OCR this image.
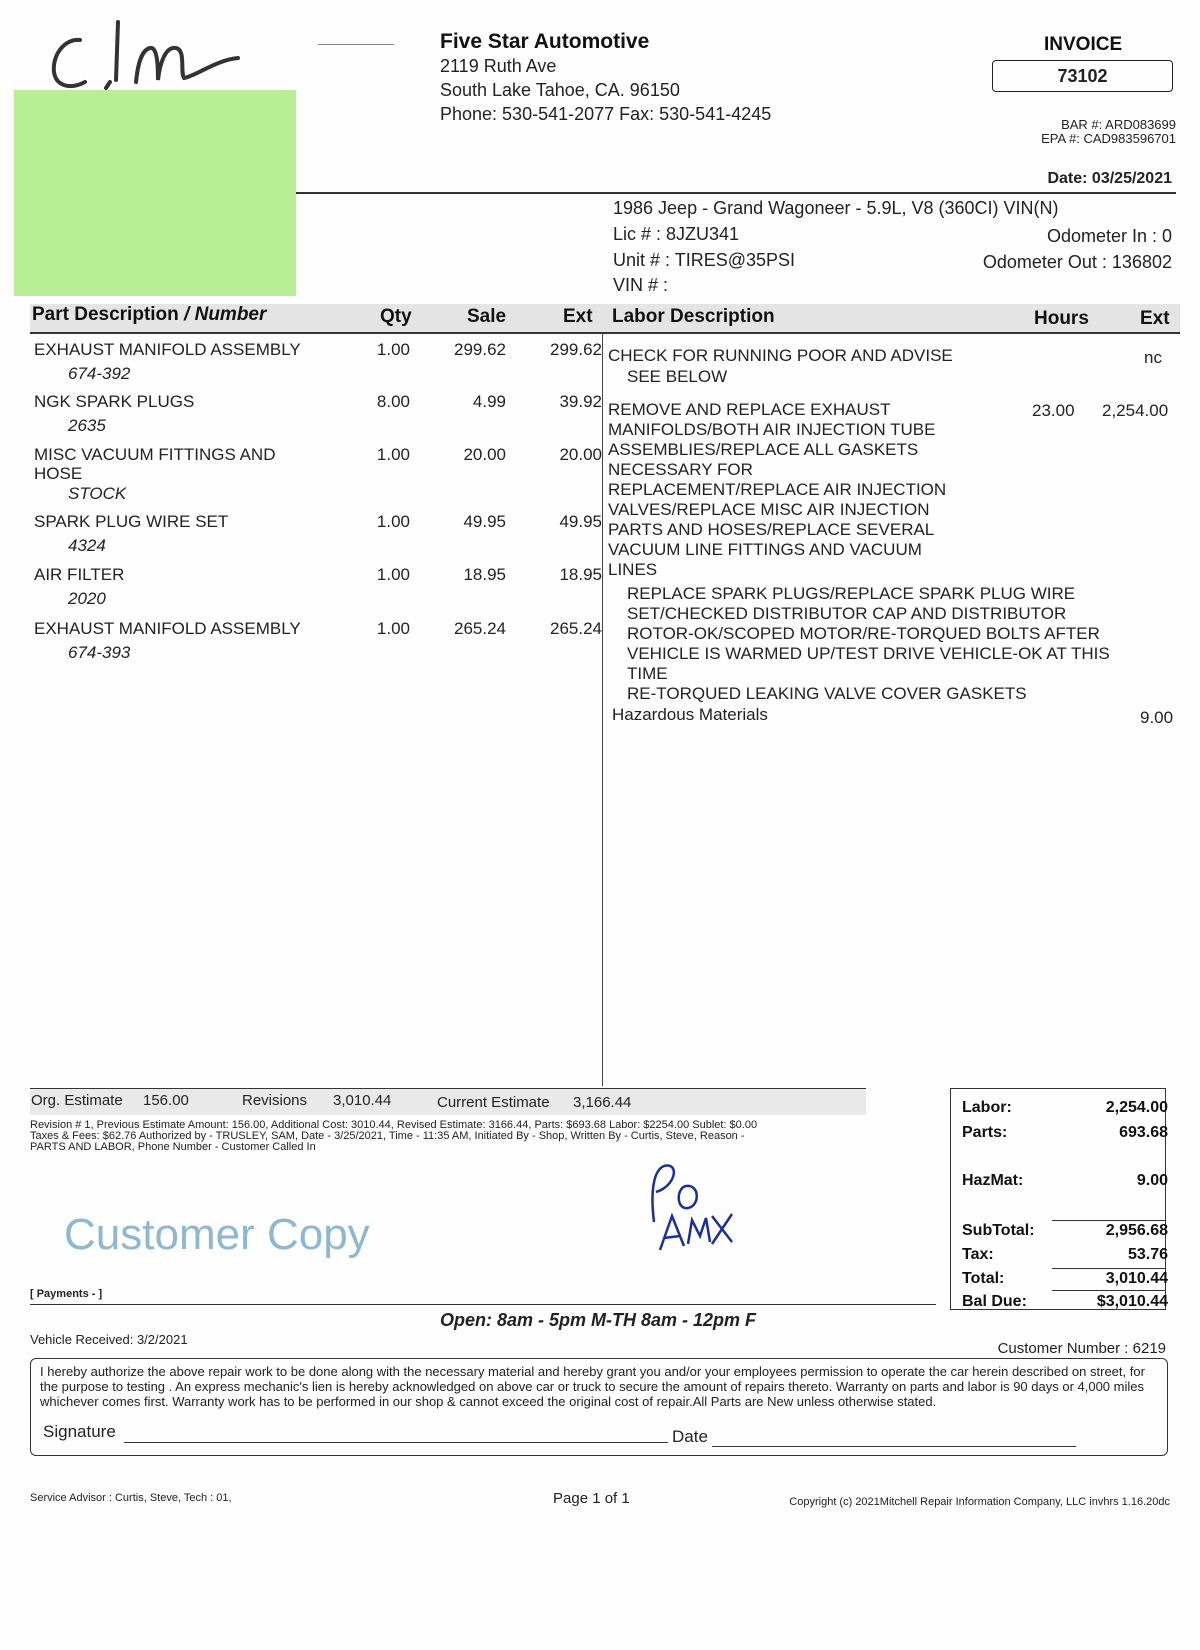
Five Star Automotive
2119 Ruth Ave
South Lake Tahoe, CA. 96150
Phone: 530-541-2077 Fax: 530-541-4245
INVOICE
73102
BAR #: ARD083699
EPA #: CAD983596701
Date: 03/25/2021
1986 Jeep - Grand Wagoneer - 5.9L, V8 (360CI) VIN(N)
Lic # : 8JZU341
Unit # : TIRES@35PSI
VIN # :
Odometer In : 0
Odometer Out : 136802
Part Description / Number	Qty	Sale	Ext Labor Description	Hours	Ext
EXHAUST MANIFOLD ASSEMBLY
674-392
1.00	299.62	299.62
NGK SPARK PLUGS
2635
8.00	4.99	39.92
MISC VACUUM FITTINGS AND
HOSE
STOCK
1.00	20.00	20.00
SPARK PLUG WIRE SET
4324
1.00	49.95	49.95
AIR FILTER
2020
1.00	18.95	18.95
EXHAUST MANIFOLD ASSEMBLY
674-393
1.00	265.24	265.24
CHECK FOR RUNNING POOR AND ADVISE
SEE BELOW
nc
REMOVE AND REPLACE EXHAUST
MANIFOLDS/BOTH AIR INJECTION TUBE
ASSEMBLIES/REPLACE ALL GASKETS
NECESSARY FOR
REPLACEMENT/REPLACE AIR INJECTION
VALVES/REPLACE MISC AIR INJECTION
PARTS AND HOSES/REPLACE SEVERAL
VACUUM LINE FITTINGS AND VACUUM
LINES
23.00 2,254.00
REPLACE SPARK PLUGS/REPLACE SPARK PLUG WIRE
SET/CHECKED DISTRIBUTOR CAP AND DISTRIBUTOR
ROTOR-OK/SCOPED MOTOR/RE-TORQUED BOLTS AFTER
VEHICLE IS WARMED UP/TEST DRIVE VEHICLE-OK AT THIS
TIME
RE-TORQUED LEAKING VALVE COVER GASKETS
Hazardous Materials	9.00
Org. Estimate 156.00	Revisions 3,010.44	Current Estimate 3,166.44
Revision # 1, Previous Estimate Amount: 156.00, Additional Cost: 3010.44, Revised Estimate: 3166.44, Parts: $693.68 Labor: $2254.00 Sublet: $0.00
Taxes & Fees: $62.76 Authorized by - TRUSLEY, SAM, Date - 3/25/2021, Time - 11:35 AM, Initiated By - Shop, Written By - Curtis, Steve, Reason -
PARTS AND LABOR, Phone Number - Customer Called In
Labor:	2,254.00
Parts:	693.68
HazMat:	9.00
SubTotal:	2,956.68
Tax:	53.76
Total:	3,010.44
Bal Due:	$3,010.44
Customer Copy
[ Payments - ]
Open: 8am - 5pm M-TH 8am - 12pm F
Vehicle Received: 3/2/2021
Customer Number : 6219
I hereby authorize the above repair work to be done along with the necessary material and hereby grant you and/or your employees permission to operate the car herein described on street, for the purpose to testing . An express mechanic's lien is hereby acknowledged on above car or truck to secure the amount of repairs thereto. Warranty on parts and labor is 90 days or 4,000 miles whichever comes first. Warranty work has to be performed in our shop & cannot exceed the original cost of repair.All Parts are New unless otherwise stated.
Signature	Date
Service Advisor : Curtis, Steve, Tech : 01,	Page 1 of 1	Copyright (c) 2021Mitchell Repair Information Company, LLC invhrs 1.16.20dc
